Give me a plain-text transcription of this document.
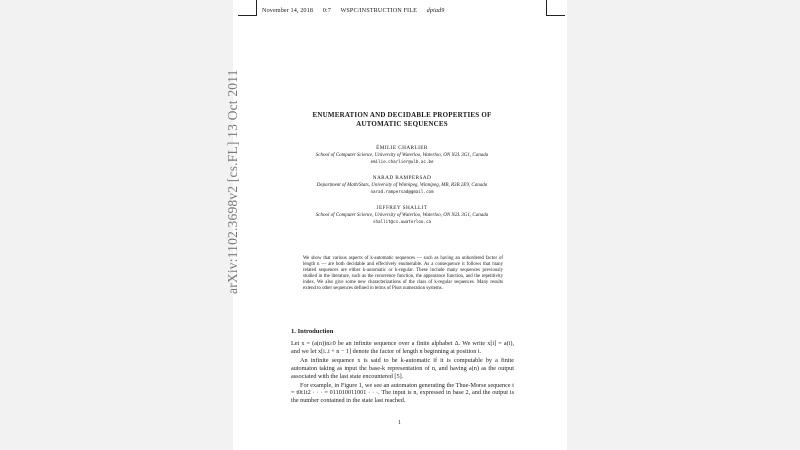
November 14, 2018 0:7 WSPC/INSTRUCTION FILE dpiad9
arXiv:1102.3698v2 [cs.FL] 13 Oct 2011	ENUMERATION AND DECIDABLE PROPERTIES OF AUTOMATIC SEQUENCES
ÉMILIE CHARLIER
School of Computer Science, University of Waterloo, Waterloo, ON N2L 3G1, Canada
emilie.charlier@ulb.ac.be
NARAD RAMPERSAD
Department of Math/Stats, University of Winnipeg, Winnipeg, MB, R3B 2E9, Canada
narad.rampersad@gmail.com
JEFFREY SHALLIT
School of Computer Science, University of Waterloo, Waterloo, ON N2L 3G1, Canada
shallit@cs.uwaterloo.ca

We show that various aspects of k-automatic sequences — such as having an unbordered factor of length n — are both decidable and effectively enumerable. As a consequence it follows that many related sequences are either k-automatic or k-regular. These include many sequences previously studied in the literature, such as the recurrence function, the appearance function, and the repetitivity index. We also give some new characterizations of the class of k-regular sequences. Many results extend to other sequences defined in terms of Pisot numeration systems.

1. Introduction

Let x = (a(n))n≥0 be an infinite sequence over a finite alphabet Δ. We write x[i] = a(i), and we let x[i..i + n − 1] denote the factor of length n beginning at position i.

An infinite sequence x is said to be k-automatic if it is computable by a finite automaton taking as input the base-k representation of n, and having a(n) as the output associated with the last state encountered [5].

For example, in Figure 1, we see an automaton generating the Thue-Morse sequence t = t0t1t2 · · · = 011010011001 · · ·. The input is n, expressed in base 2, and the output is the number contained in the state last reached.

1
